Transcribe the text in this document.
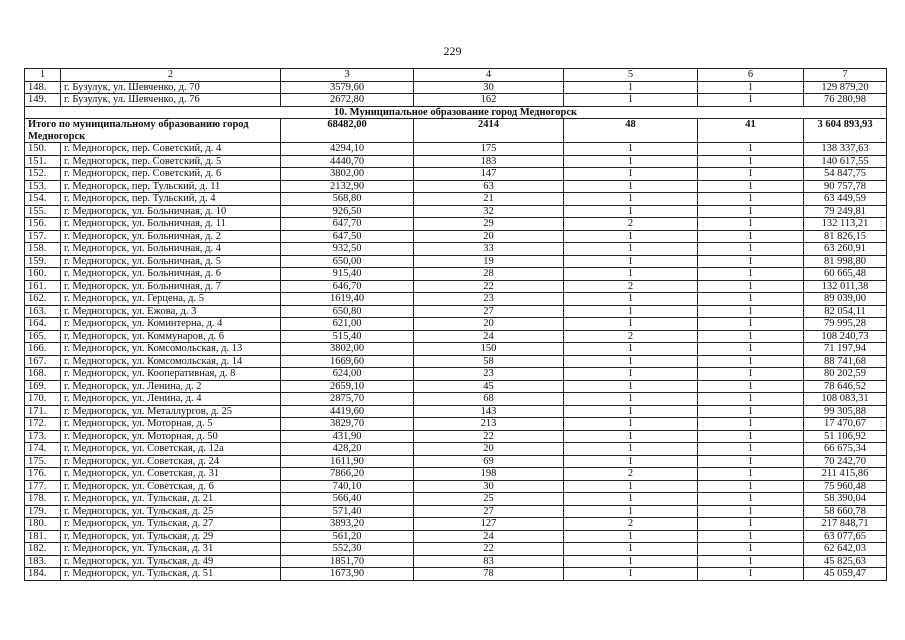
229
1	2	3	4	5	6	7
148.	г. Бузулук, ул. Шевченко, д. 70	3579,60	30	1	1	129 879,20
149.	г. Бузулук, ул. Шевченко, д. 76	2672,80	162	1	1	76 280,98
10. Муниципальное образование город Медногорск						
Итого по муниципальному образованию город Медногорск		68482,00	2414	48	41	3 604 893,93
150.	г. Медногорск, пер. Советский, д. 4	4294,10	175	1	1	138 337,63
151.	г. Медногорск, пер. Советский, д. 5	4440,70	183	1	1	140 617,55
152.	г. Медногорск, пер. Советский, д. 6	3802,00	147	1	1	54 847,75
153.	г. Медногорск, пер. Тульский, д. 11	2132,90	63	1	1	90 757,78
154.	г. Медногорск, пер. Тульский, д. 4	568,80	21	1	1	63 449,59
155.	г. Медногорск, ул. Больничная, д. 10	926,50	32	1	1	79 249,81
156.	г. Медногорск, ул. Больничная, д. 11	647,70	29	2	1	132 113,21
157.	г. Медногорск, ул. Больничная, д. 2	647,50	20	1	1	81 826,15
158.	г. Медногорск, ул. Больничная, д. 4	932,50	33	1	1	63 260,91
159.	г. Медногорск, ул. Больничная, д. 5	650,00	19	1	1	81 998,80
160.	г. Медногорск, ул. Больничная, д. 6	915,40	28	1	1	60 665,48
161.	г. Медногорск, ул. Больничная, д. 7	646,70	22	2	1	132 011,38
162.	г. Медногорск, ул. Герцена, д. 5	1619,40	23	1	1	89 039,00
163.	г. Медногорск, ул. Ежова, д. 3	650,80	27	1	1	82 054,11
164.	г. Медногорск, ул. Коминтерна, д. 4	621,00	20	1	1	79 995,28
165.	г. Медногорск, ул. Коммунаров, д. 6	515,40	24	2	1	108 240,73
166.	г. Медногорск, ул. Комсомольская, д. 13	3802,00	150	1	1	71 197,94
167.	г. Медногорск, ул. Комсомольская, д. 14	1669,60	58	1	1	88 741,68
168.	г. Медногорск, ул. Кооперативная, д. 8	624,00	23	1	1	80 202,59
169.	г. Медногорск, ул. Ленина, д. 2	2659,10	45	1	1	78 646,52
170.	г. Медногорск, ул. Ленина, д. 4	2875,70	68	1	1	108 083,31
171.	г. Медногорск, ул. Металлургов, д. 25	4419,60	143	1	1	99 305,88
172.	г. Медногорск, ул. Моторная, д. 5	3829,70	213	1	1	17 470,67
173.	г. Медногорск, ул. Моторная, д. 50	431,90	22	1	1	51 106,92
174.	г. Медногорск, ул. Советская, д. 12а	428,20	20	1	1	66 675,34
175.	г. Медногорск, ул. Советская, д. 24	1611,90	69	1	1	70 242,70
176.	г. Медногорск, ул. Советская, д. 31	7866,20	198	2	1	211 415,86
177.	г. Медногорск, ул. Советская, д. 6	740,10	30	1	1	75 960,48
178.	г. Медногорск, ул. Тульская, д. 21	566,40	25	1	1	58 390,04
179.	г. Медногорск, ул. Тульская, д. 25	571,40	27	1	1	58 660,78
180.	г. Медногорск, ул. Тульская, д. 27	3893,20	127	2	1	217 848,71
181.	г. Медногорск, ул. Тульская, д. 29	561,20	24	1	1	63 077,65
182.	г. Медногорск, ул. Тульская, д. 31	552,30	22	1	1	62 642,03
183.	г. Медногорск, ул. Тульская, д. 49	1851,70	83	1	1	45 825,63
184.	г. Медногорск, ул. Тульская, д. 51	1673,90	78	1	1	45 059,47
